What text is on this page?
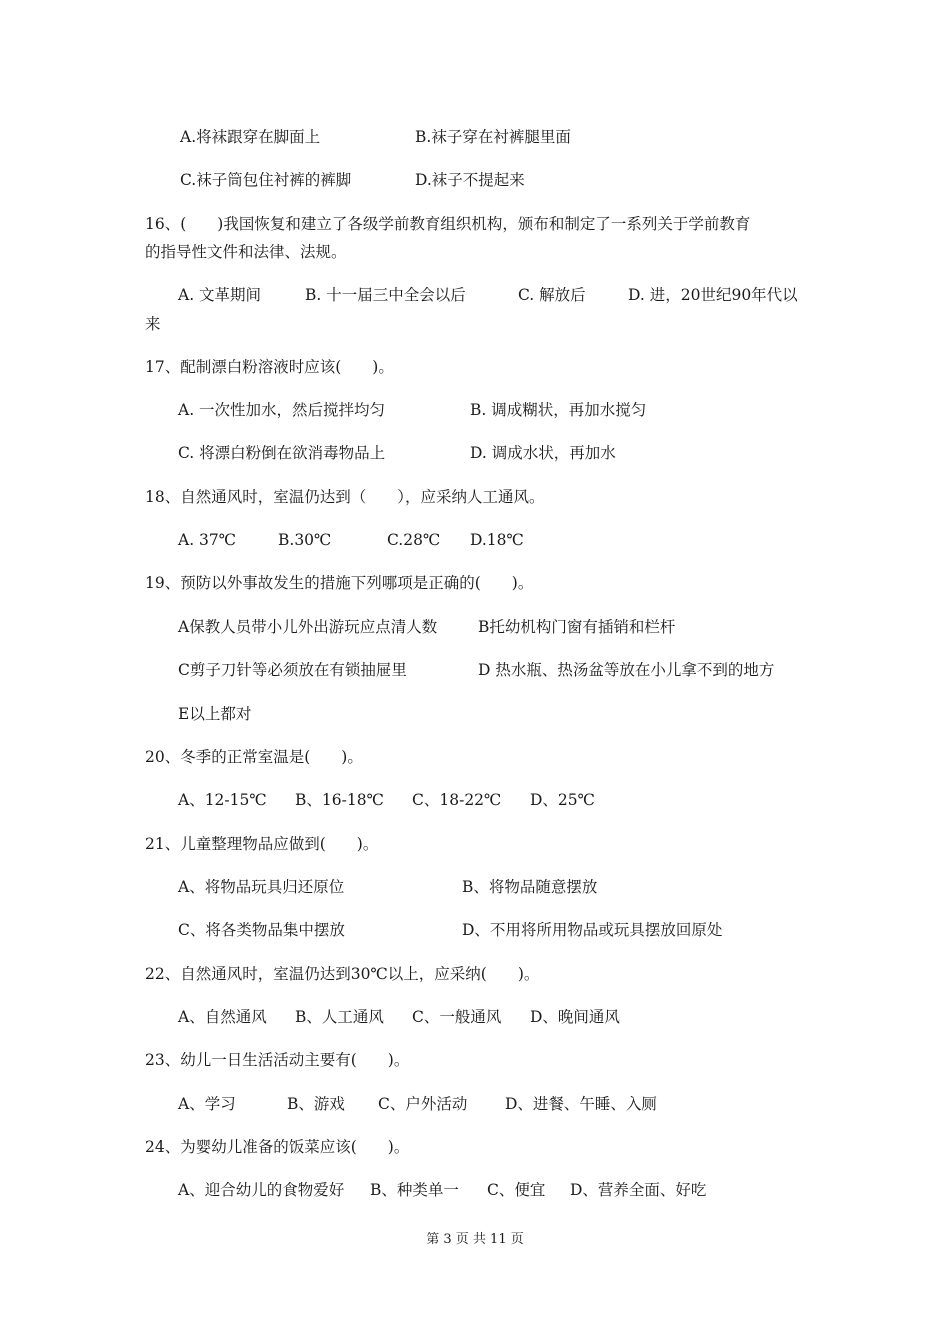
A.将袜跟穿在脚面上	B.袜子穿在衬裤腿里面
C.袜子筒包住衬裤的裤脚	D.袜子不提起来
16、(　　)我国恢复和建立了各级学前教育组织机构，颁布和制定了一系列关于学前教育
的指导性文件和法律、法规。
A. 文革期间	B. 十一届三中全会以后	C. 解放后	D. 进，20世纪90年代以
来
17、配制漂白粉溶液时应该(　　)。
A. 一次性加水，然后搅拌均匀	B. 调成糊状，再加水搅匀
C. 将漂白粉倒在欲消毒物品上	D. 调成水状，再加水
18、自然通风时，室温仍达到（　　），应采纳人工通风。
A. 37℃	B.30℃	C.28℃ D.18℃
19、预防以外事故发生的措施下列哪项是正确的(　　)。
A保教人员带小儿外出游玩应点清人数	B托幼机构门窗有插销和栏杆
C剪子刀针等必须放在有锁抽屉里	D 热水瓶、热汤盆等放在小儿拿不到的地方
E以上都对
20、冬季的正常室温是(　　)。
A、12-15℃ B、16-18℃ C、18-22℃ D、25℃
21、儿童整理物品应做到(　　)。
A、将物品玩具归还原位	B、将物品随意摆放
C、将各类物品集中摆放	D、不用将所用物品或玩具摆放回原处
22、自然通风时，室温仍达到30℃以上，应采纳(　　)。
A、自然通风 B、人工通风 C、一般通风 D、晚间通风
23、幼儿一日生活活动主要有(　　)。
A、学习	B、游戏 C、户外活动 D、进餐、午睡、入厕
24、为婴幼儿准备的饭菜应该(　　)。
A、迎合幼儿的食物爱好 B、种类单一 C、便宜 D、营养全面、好吃
第 3 页 共 11 页
